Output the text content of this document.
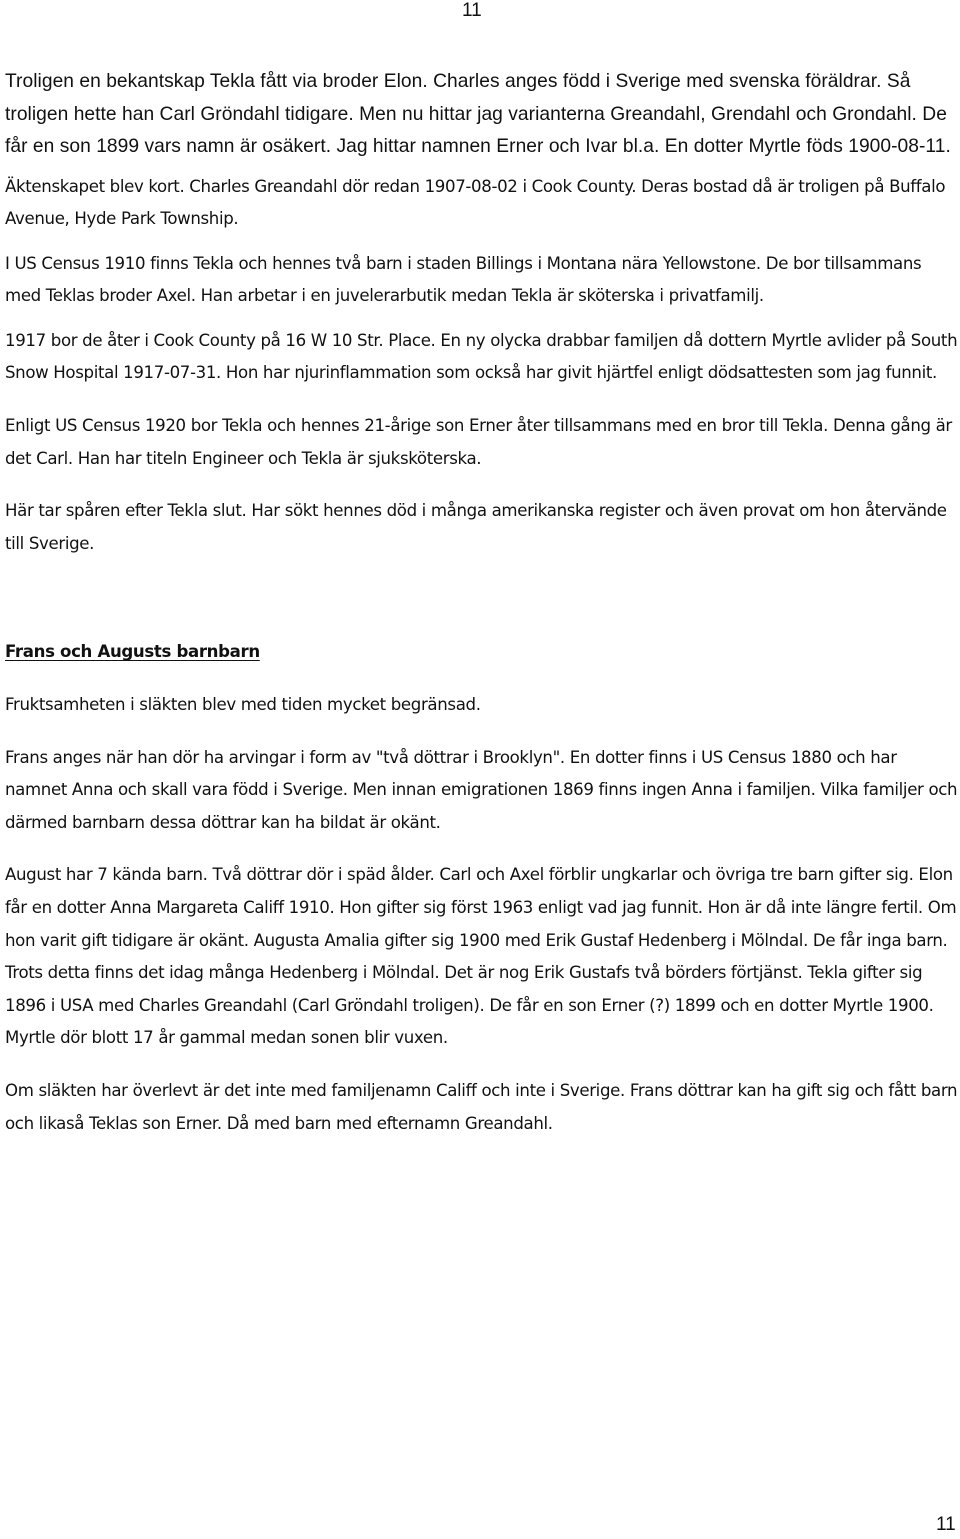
11

Troligen en bekantskap Tekla fått via broder Elon. Charles anges född i Sverige med svenska föräldrar. Så troligen hette han Carl Gröndahl tidigare. Men nu hittar jag varianterna Greandahl, Grendahl och Grondahl. De får en son 1899 vars namn är osäkert. Jag hittar namnen Erner och Ivar bl.a. En dotter Myrtle föds 1900-08-11.

Äktenskapet blev kort. Charles Greandahl dör redan 1907-08-02 i Cook County. Deras bostad då är troligen på Buffalo Avenue, Hyde Park Township.

I US Census 1910 finns Tekla och hennes två barn i staden Billings i Montana nära Yellowstone. De bor tillsammans med Teklas broder Axel. Han arbetar i en juvelerarbutik medan Tekla är sköterska i privatfamilj.

1917 bor de åter i Cook County på 16 W 10 Str. Place. En ny olycka drabbar familjen då dottern Myrtle avlider på South Snow Hospital 1917-07-31. Hon har njurinflammation som också har givit hjärtfel enligt dödsattesten som jag funnit.

Enligt US Census 1920 bor Tekla och hennes 21-årige son Erner åter tillsammans med en bror till Tekla. Denna gång är det Carl. Han har titeln Engineer och Tekla är sjuksköterska.

Här tar spåren efter Tekla slut. Har sökt hennes död i många amerikanska register och även provat om hon återvände till Sverige.

Frans och Augusts barnbarn

Fruktsamheten i släkten blev med tiden mycket begränsad.

Frans anges när han dör ha arvingar i form av "två döttrar i Brooklyn". En dotter finns i US Census 1880 och har namnet Anna och skall vara född i Sverige. Men innan emigrationen 1869 finns ingen Anna i familjen. Vilka familjer och därmed barnbarn dessa döttrar kan ha bildat är okänt.

August har 7 kända barn. Två döttrar dör i späd ålder. Carl och Axel förblir ungkarlar och övriga tre barn gifter sig. Elon får en dotter Anna Margareta Califf 1910. Hon gifter sig först 1963 enligt vad jag funnit. Hon är då inte längre fertil. Om hon varit gift tidigare är okänt. Augusta Amalia gifter sig 1900 med Erik Gustaf Hedenberg i Mölndal. De får inga barn. Trots detta finns det idag många Hedenberg i Mölndal. Det är nog Erik Gustafs två börders förtjänst. Tekla gifter sig 1896 i USA med Charles Greandahl (Carl Gröndahl troligen). De får en son Erner (?) 1899 och en dotter Myrtle 1900. Myrtle dör blott 17 år gammal medan sonen blir vuxen.

Om släkten har överlevt är det inte med familjenamn Califf och inte i Sverige. Frans döttrar kan ha gift sig och fått barn och likaså Teklas son Erner. Då med barn med efternamn Greandahl.

11
